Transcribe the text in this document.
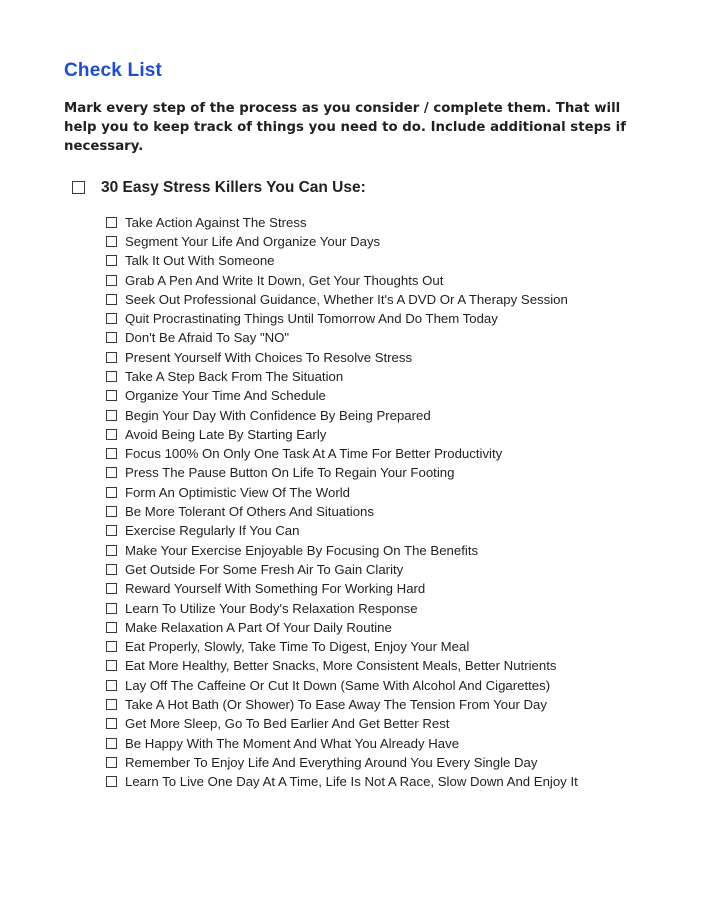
Check List

Mark every step of the process as you consider / complete them. That will help you to keep track of things you need to do. Include additional steps if necessary.

30 Easy Stress Killers You Can Use:
Take Action Against The Stress
Segment Your Life And Organize Your Days
Talk It Out With Someone
Grab A Pen And Write It Down, Get Your Thoughts Out
Seek Out Professional Guidance, Whether It's A DVD Or A Therapy Session
Quit Procrastinating Things Until Tomorrow And Do Them Today
Don't Be Afraid To Say "NO"
Present Yourself With Choices To Resolve Stress
Take A Step Back From The Situation
Organize Your Time And Schedule
Begin Your Day With Confidence By Being Prepared
Avoid Being Late By Starting Early
Focus 100% On Only One Task At A Time For Better Productivity
Press The Pause Button On Life To Regain Your Footing
Form An Optimistic View Of The World
Be More Tolerant Of Others And Situations
Exercise Regularly If You Can
Make Your Exercise Enjoyable By Focusing On The Benefits
Get Outside For Some Fresh Air To Gain Clarity
Reward Yourself With Something For Working Hard
Learn To Utilize Your Body's Relaxation Response
Make Relaxation A Part Of Your Daily Routine
Eat Properly, Slowly, Take Time To Digest, Enjoy Your Meal
Eat More Healthy, Better Snacks, More Consistent Meals, Better Nutrients
Lay Off The Caffeine Or Cut It Down (Same With Alcohol And Cigarettes)
Take A Hot Bath (Or Shower) To Ease Away The Tension From Your Day
Get More Sleep, Go To Bed Earlier And Get Better Rest
Be Happy With The Moment And What You Already Have
Remember To Enjoy Life And Everything Around You Every Single Day
Learn To Live One Day At A Time, Life Is Not A Race, Slow Down And Enjoy It
